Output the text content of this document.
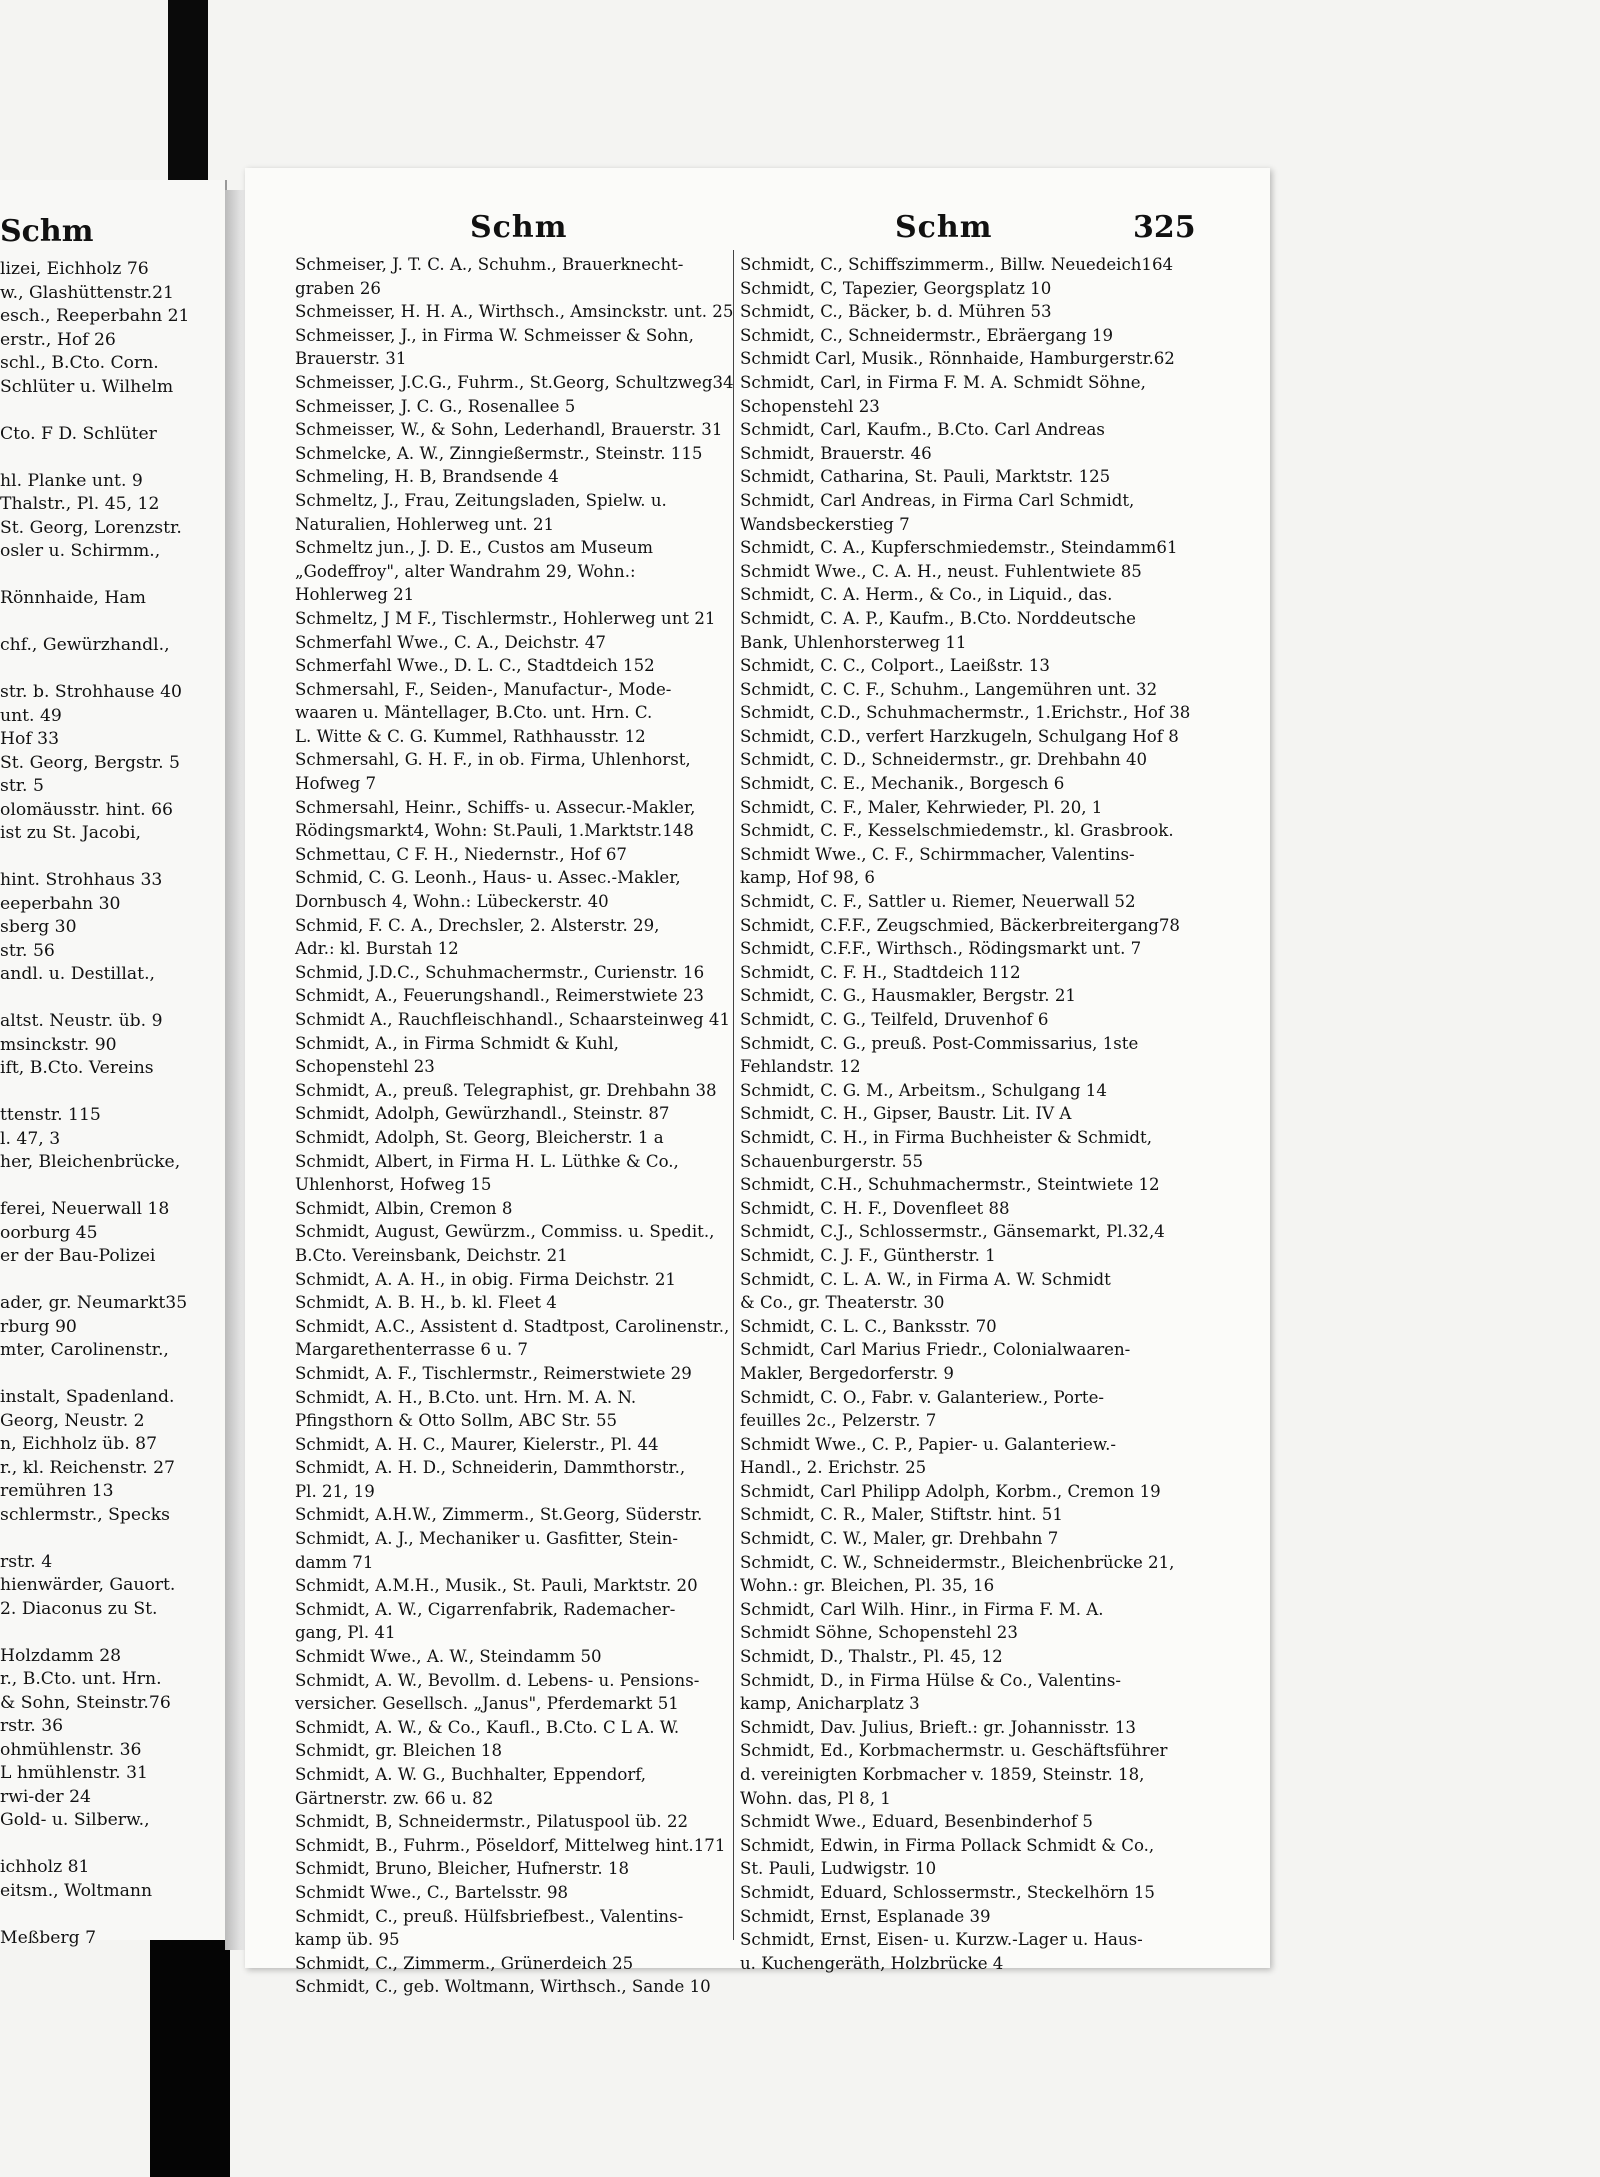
Schm
lizei, Eichholz 76
w., Glashüttenstr.21
esch., Reeperbahn 21
erstr., Hof 26
schl., B.Cto. Corn.
Schlüter u. Wilhelm

Cto. F D. Schlüter

hl. Planke unt. 9
Thalstr., Pl. 45, 12
St. Georg, Lorenzstr.
osler u. Schirmm.,

Rönnhaide, Ham

chf., Gewürzhandl.,

str. b. Strohhause 40
unt. 49
Hof 33
St. Georg, Bergstr. 5
str. 5
olomäusstr. hint. 66
ist zu St. Jacobi,

hint. Strohhaus 33
eeperbahn 30
sberg 30
str. 56
andl. u. Destillat.,

altst. Neustr. üb. 9
msinckstr. 90
ift, B.Cto. Vereins

ttenstr. 115
l. 47, 3
her, Bleichenbrücke,

ferei, Neuerwall 18
oorburg 45
er der Bau-Polizei

ader, gr. Neumarkt35
rburg 90
mter, Carolinenstr.,

instalt, Spadenland.
Georg, Neustr. 2
n, Eichholz üb. 87
r., kl. Reichenstr. 27
remühren 13
schlermstr., Specks

rstr. 4
hienwärder, Gauort.
2. Diaconus zu St.

Holzdamm 28
r., B.Cto. unt. Hrn.
& Sohn, Steinstr.76
rstr. 36
ohmühlenstr. 36
L hmühlenstr. 31
rwi-der 24
Gold- u. Silberw.,

ichholz 81
eitsm., Woltmann

Meßberg 7
Schm	Schm	325
Schmeiser, J. T. C. A., Schuhm., Brauerknecht-
graben 26
Schmeisser, H. H. A., Wirthsch., Amsinckstr. unt. 25
Schmeisser, J., in Firma W. Schmeisser & Sohn,
Brauerstr. 31
Schmeisser, J.C.G., Fuhrm., St.Georg, Schultzweg34
Schmeisser, J. C. G., Rosenallee 5
Schmeisser, W., & Sohn, Lederhandl, Brauerstr. 31
Schmelcke, A. W., Zinngießermstr., Steinstr. 115
Schmeling, H. B, Brandsende 4
Schmeltz, J., Frau, Zeitungsladen, Spielw. u.
Naturalien, Hohlerweg unt. 21
Schmeltz jun., J. D. E., Custos am Museum
„Godeffroy", alter Wandrahm 29, Wohn.:
Hohlerweg 21
Schmeltz, J M F., Tischlermstr., Hohlerweg unt 21
Schmerfahl Wwe., C. A., Deichstr. 47
Schmerfahl Wwe., D. L. C., Stadtdeich 152
Schmersahl, F., Seiden-, Manufactur-, Mode-
waaren u. Mäntellager, B.Cto. unt. Hrn. C.
L. Witte & C. G. Kummel, Rathhausstr. 12
Schmersahl, G. H. F., in ob. Firma, Uhlenhorst,
Hofweg 7
Schmersahl, Heinr., Schiffs- u. Assecur.-Makler,
Rödingsmarkt4, Wohn: St.Pauli, 1.Marktstr.148
Schmettau, C F. H., Niedernstr., Hof 67
Schmid, C. G. Leonh., Haus- u. Assec.-Makler,
Dornbusch 4, Wohn.: Lübeckerstr. 40
Schmid, F. C. A., Drechsler, 2. Alsterstr. 29,
Adr.: kl. Burstah 12
Schmid, J.D.C., Schuhmachermstr., Curienstr. 16
Schmidt, A., Feuerungshandl., Reimerstwiete 23
Schmidt A., Rauchfleischhandl., Schaarsteinweg 41
Schmidt, A., in Firma Schmidt & Kuhl,
Schopenstehl 23
Schmidt, A., preuß. Telegraphist, gr. Drehbahn 38
Schmidt, Adolph, Gewürzhandl., Steinstr. 87
Schmidt, Adolph, St. Georg, Bleicherstr. 1 a
Schmidt, Albert, in Firma H. L. Lüthke & Co.,
Uhlenhorst, Hofweg 15
Schmidt, Albin, Cremon 8
Schmidt, August, Gewürzm., Commiss. u. Spedit.,
B.Cto. Vereinsbank, Deichstr. 21
Schmidt, A. A. H., in obig. Firma Deichstr. 21
Schmidt, A. B. H., b. kl. Fleet 4
Schmidt, A.C., Assistent d. Stadtpost, Carolinenstr.,
Margarethenterrasse 6 u. 7
Schmidt, A. F., Tischlermstr., Reimerstwiete 29
Schmidt, A. H., B.Cto. unt. Hrn. M. A. N.
Pfingsthorn & Otto Sollm, ABC Str. 55
Schmidt, A. H. C., Maurer, Kielerstr., Pl. 44
Schmidt, A. H. D., Schneiderin, Dammthorstr.,
Pl. 21, 19
Schmidt, A.H.W., Zimmerm., St.Georg, Süderstr.
Schmidt, A. J., Mechaniker u. Gasfitter, Stein-
damm 71
Schmidt, A.M.H., Musik., St. Pauli, Marktstr. 20
Schmidt, A. W., Cigarrenfabrik, Rademacher-
gang, Pl. 41
Schmidt Wwe., A. W., Steindamm 50
Schmidt, A. W., Bevollm. d. Lebens- u. Pensions-
versicher. Gesellsch. „Janus", Pferdemarkt 51
Schmidt, A. W., & Co., Kaufl., B.Cto. C L A. W.
Schmidt, gr. Bleichen 18
Schmidt, A. W. G., Buchhalter, Eppendorf,
Gärtnerstr. zw. 66 u. 82
Schmidt, B, Schneidermstr., Pilatuspool üb. 22
Schmidt, B., Fuhrm., Pöseldorf, Mittelweg hint.171
Schmidt, Bruno, Bleicher, Hufnerstr. 18
Schmidt Wwe., C., Bartelsstr. 98
Schmidt, C., preuß. Hülfsbriefbest., Valentins-
kamp üb. 95
Schmidt, C., Zimmerm., Grünerdeich 25
Schmidt, C., geb. Woltmann, Wirthsch., Sande 10
Schmidt, C., Schiffszimmerm., Billw. Neuedeich164
Schmidt, C, Tapezier, Georgsplatz 10
Schmidt, C., Bäcker, b. d. Mühren 53
Schmidt, C., Schneidermstr., Ebräergang 19
Schmidt Carl, Musik., Rönnhaide, Hamburgerstr.62
Schmidt, Carl, in Firma F. M. A. Schmidt Söhne,
Schopenstehl 23
Schmidt, Carl, Kaufm., B.Cto. Carl Andreas
Schmidt, Brauerstr. 46
Schmidt, Catharina, St. Pauli, Marktstr. 125
Schmidt, Carl Andreas, in Firma Carl Schmidt,
Wandsbeckerstieg 7
Schmidt, C. A., Kupferschmiedemstr., Steindamm61
Schmidt Wwe., C. A. H., neust. Fuhlentwiete 85
Schmidt, C. A. Herm., & Co., in Liquid., das.
Schmidt, C. A. P., Kaufm., B.Cto. Norddeutsche
Bank, Uhlenhorsterweg 11
Schmidt, C. C., Colport., Laeißstr. 13
Schmidt, C. C. F., Schuhm., Langemühren unt. 32
Schmidt, C.D., Schuhmachermstr., 1.Erichstr., Hof 38
Schmidt, C.D., verfert Harzkugeln, Schulgang Hof 8
Schmidt, C. D., Schneidermstr., gr. Drehbahn 40
Schmidt, C. E., Mechanik., Borgesch 6
Schmidt, C. F., Maler, Kehrwieder, Pl. 20, 1
Schmidt, C. F., Kesselschmiedemstr., kl. Grasbrook.
Schmidt Wwe., C. F., Schirmmacher, Valentins-
kamp, Hof 98, 6
Schmidt, C. F., Sattler u. Riemer, Neuerwall 52
Schmidt, C.F.F., Zeugschmied, Bäckerbreitergang78
Schmidt, C.F.F., Wirthsch., Rödingsmarkt unt. 7
Schmidt, C. F. H., Stadtdeich 112
Schmidt, C. G., Hausmakler, Bergstr. 21
Schmidt, C. G., Teilfeld, Druvenhof 6
Schmidt, C. G., preuß. Post-Commissarius, 1ste
Fehlandstr. 12
Schmidt, C. G. M., Arbeitsm., Schulgang 14
Schmidt, C. H., Gipser, Baustr. Lit. IV A
Schmidt, C. H., in Firma Buchheister & Schmidt,
Schauenburgerstr. 55
Schmidt, C.H., Schuhmachermstr., Steintwiete 12
Schmidt, C. H. F., Dovenfleet 88
Schmidt, C.J., Schlossermstr., Gänsemarkt, Pl.32,4
Schmidt, C. J. F., Güntherstr. 1
Schmidt, C. L. A. W., in Firma A. W. Schmidt
& Co., gr. Theaterstr. 30
Schmidt, C. L. C., Banksstr. 70
Schmidt, Carl Marius Friedr., Colonialwaaren-
Makler, Bergedorferstr. 9
Schmidt, C. O., Fabr. v. Galanteriew., Porte-
feuilles 2c., Pelzerstr. 7
Schmidt Wwe., C. P., Papier- u. Galanteriew.-
Handl., 2. Erichstr. 25
Schmidt, Carl Philipp Adolph, Korbm., Cremon 19
Schmidt, C. R., Maler, Stiftstr. hint. 51
Schmidt, C. W., Maler, gr. Drehbahn 7
Schmidt, C. W., Schneidermstr., Bleichenbrücke 21,
Wohn.: gr. Bleichen, Pl. 35, 16
Schmidt, Carl Wilh. Hinr., in Firma F. M. A.
Schmidt Söhne, Schopenstehl 23
Schmidt, D., Thalstr., Pl. 45, 12
Schmidt, D., in Firma Hülse & Co., Valentins-
kamp, Anicharplatz 3
Schmidt, Dav. Julius, Brieft.: gr. Johannisstr. 13
Schmidt, Ed., Korbmachermstr. u. Geschäftsführer
d. vereinigten Korbmacher v. 1859, Steinstr. 18,
Wohn. das, Pl 8, 1
Schmidt Wwe., Eduard, Besenbinderhof 5
Schmidt, Edwin, in Firma Pollack Schmidt & Co.,
St. Pauli, Ludwigstr. 10
Schmidt, Eduard, Schlossermstr., Steckelhörn 15
Schmidt, Ernst, Esplanade 39
Schmidt, Ernst, Eisen- u. Kurzw.-Lager u. Haus-
u. Kuchengeräth, Holzbrücke 4
